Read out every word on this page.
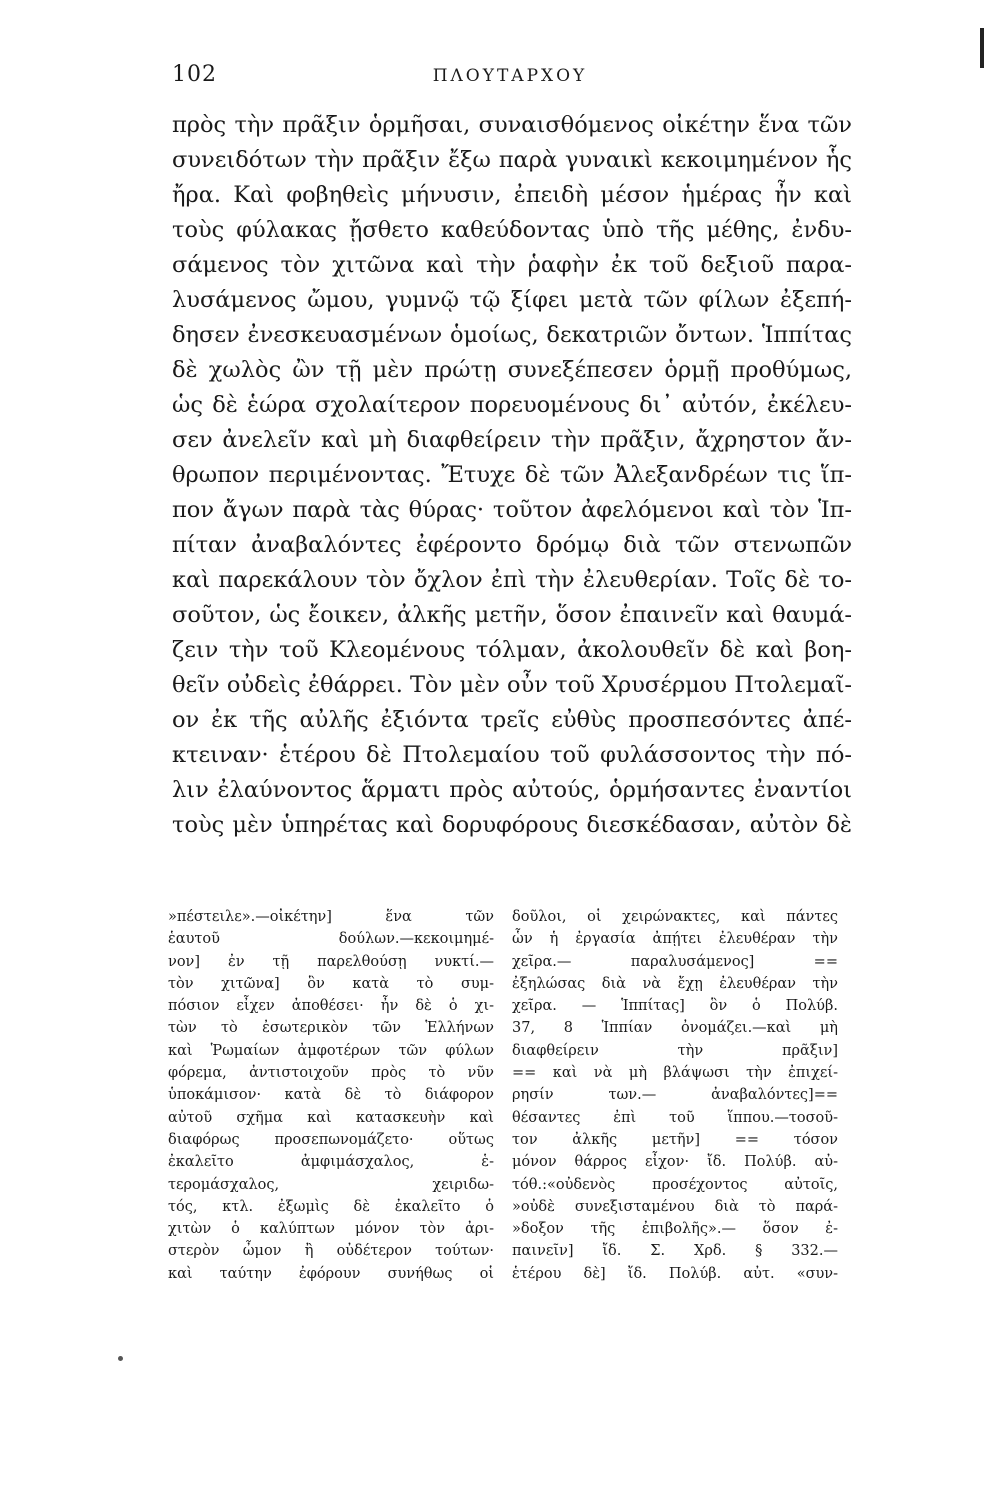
102	ΠΛΟΥΤΑΡΧΟΥ
πρὸς τὴν πρᾶξιν ὁρμῆσαι, συναισθόμενος οἰκέτην ἕνα τῶν
συνειδότων τὴν πρᾶξιν ἔξω παρὰ γυναικὶ κεκοιμημένον ἧς
ἤρα. Καὶ φοβηθεὶς μήνυσιν, ἐπειδὴ μέσον ἡμέρας ἦν καὶ
τοὺς φύλακας ᾔσθετο καθεύδοντας ὑπὸ τῆς μέθης, ἐνδυ-
σάμενος τὸν χιτῶνα καὶ τὴν ῥαφὴν ἐκ τοῦ δεξιοῦ παρα-
λυσάμενος ὤμου, γυμνῷ τῷ ξίφει μετὰ τῶν φίλων ἐξεπή-
δησεν ἐνεσκευασμένων ὁμοίως, δεκατριῶν ὄντων. Ἱππίτας
δὲ χωλὸς ὢν τῇ μὲν πρώτῃ συνεξέπεσεν ὁρμῇ προθύμως,
ὡς δὲ ἑώρα σχολαίτερον πορευομένους δι᾽ αὐτόν, ἐκέλευ-
σεν ἀνελεῖν καὶ μὴ διαφθείρειν τὴν πρᾶξιν, ἄχρηστον ἄν-
θρωπον περιμένοντας. Ἔτυχε δὲ τῶν Ἀλεξανδρέων τις ἵπ-
πον ἄγων παρὰ τὰς θύρας· τοῦτον ἀφελόμενοι καὶ τὸν Ἱπ-
πίταν ἀναβαλόντες ἐφέροντο δρόμῳ διὰ τῶν στενωπῶν
καὶ παρεκάλουν τὸν ὄχλον ἐπὶ τὴν ἐλευθερίαν. Τοῖς δὲ το-
σοῦτον, ὡς ἔοικεν, ἀλκῆς μετῆν, ὅσον ἐπαινεῖν καὶ θαυμά-
ζειν τὴν τοῦ Κλεομένους τόλμαν, ἀκολουθεῖν δὲ καὶ βοη-
θεῖν οὐδεὶς ἐθάρρει. Τὸν μὲν οὖν τοῦ Χρυσέρμου Πτολεμαῖ-
ον ἐκ τῆς αὐλῆς ἐξιόντα τρεῖς εὐθὺς προσπεσόντες ἀπέ-
κτειναν· ἑτέρου δὲ Πτολεμαίου τοῦ φυλάσσοντος τὴν πό-
λιν ἐλαύνοντος ἅρματι πρὸς αὐτούς, ὁρμήσαντες ἐναντίοι
τοὺς μὲν ὑπηρέτας καὶ δορυφόρους διεσκέδασαν, αὐτὸν δὲ
»πέστειλε».—οἰκέτην] ἕνα τῶν
ἑαυτοῦ δούλων.—κεκοιμημέ-
νον] ἐν τῇ παρελθούσῃ νυκτί.—
τὸν χιτῶνα] ὃν κατὰ τὸ συμ-
πόσιον εἶχεν ἀποθέσει· ἦν δὲ ὁ χι-
τὼν τὸ ἐσωτερικὸν τῶν Ἑλλήνων
καὶ Ῥωμαίων ἀμφοτέρων τῶν φύλων
φόρεμα, ἀντιστοιχοῦν πρὸς τὸ νῦν
ὑποκάμισον· κατὰ δὲ τὸ διάφορον
αὐτοῦ σχῆμα καὶ κατασκευὴν καὶ
διαφόρως προσεπωνομάζετο· οὕτως
ἐκαλεῖτο ἀμφιμάσχαλος, ἑ-
τερομάσχαλος, χειριδω-
τός, κτλ. ἐξωμὶς δὲ ἐκαλεῖτο ὁ
χιτὼν ὁ καλύπτων μόνον τὸν ἀρι-
στερὸν ὦμον ἢ οὐδέτερον τούτων·
καὶ ταύτην ἐφόρουν συνήθως οἱ
δοῦλοι, οἱ χειρώνακτες, καὶ πάντες
ὧν ἡ ἐργασία ἀπῄτει ἐλευθέραν τὴν
χεῖρα.— παραλυσάμενος] ==
ἐξηλώσας διὰ νὰ ἔχῃ ἐλευθέραν τὴν
χεῖρα. — Ἱππίτας] ὃν ὁ Πολύβ.
37, 8 Ἱππίαν ὀνομάζει.—καὶ μὴ
διαφθείρειν τὴν πρᾶξιν]
== καὶ νὰ μὴ βλάψωσι τὴν ἐπιχεί-
ρησίν των.— ἀναβαλόντες]==
θέσαντες ἐπὶ τοῦ ἵππου.—τοσοῦ-
τον ἀλκῆς μετῆν] == τόσον
μόνον θάρρος εἶχον· ἴδ. Πολύβ. αὐ-
τόθ.:«οὐδενὸς προσέχοντος αὐτοῖς,
»οὐδὲ συνεξισταμένου διὰ τὸ παρά-
»δοξον τῆς ἐπιβολῆς».— ὅσον ἐ-
παινεῖν] ἴδ. Σ. Χρδ. § 332.—
ἑτέρου δὲ] ἴδ. Πολύβ. αὐτ. «συν-
